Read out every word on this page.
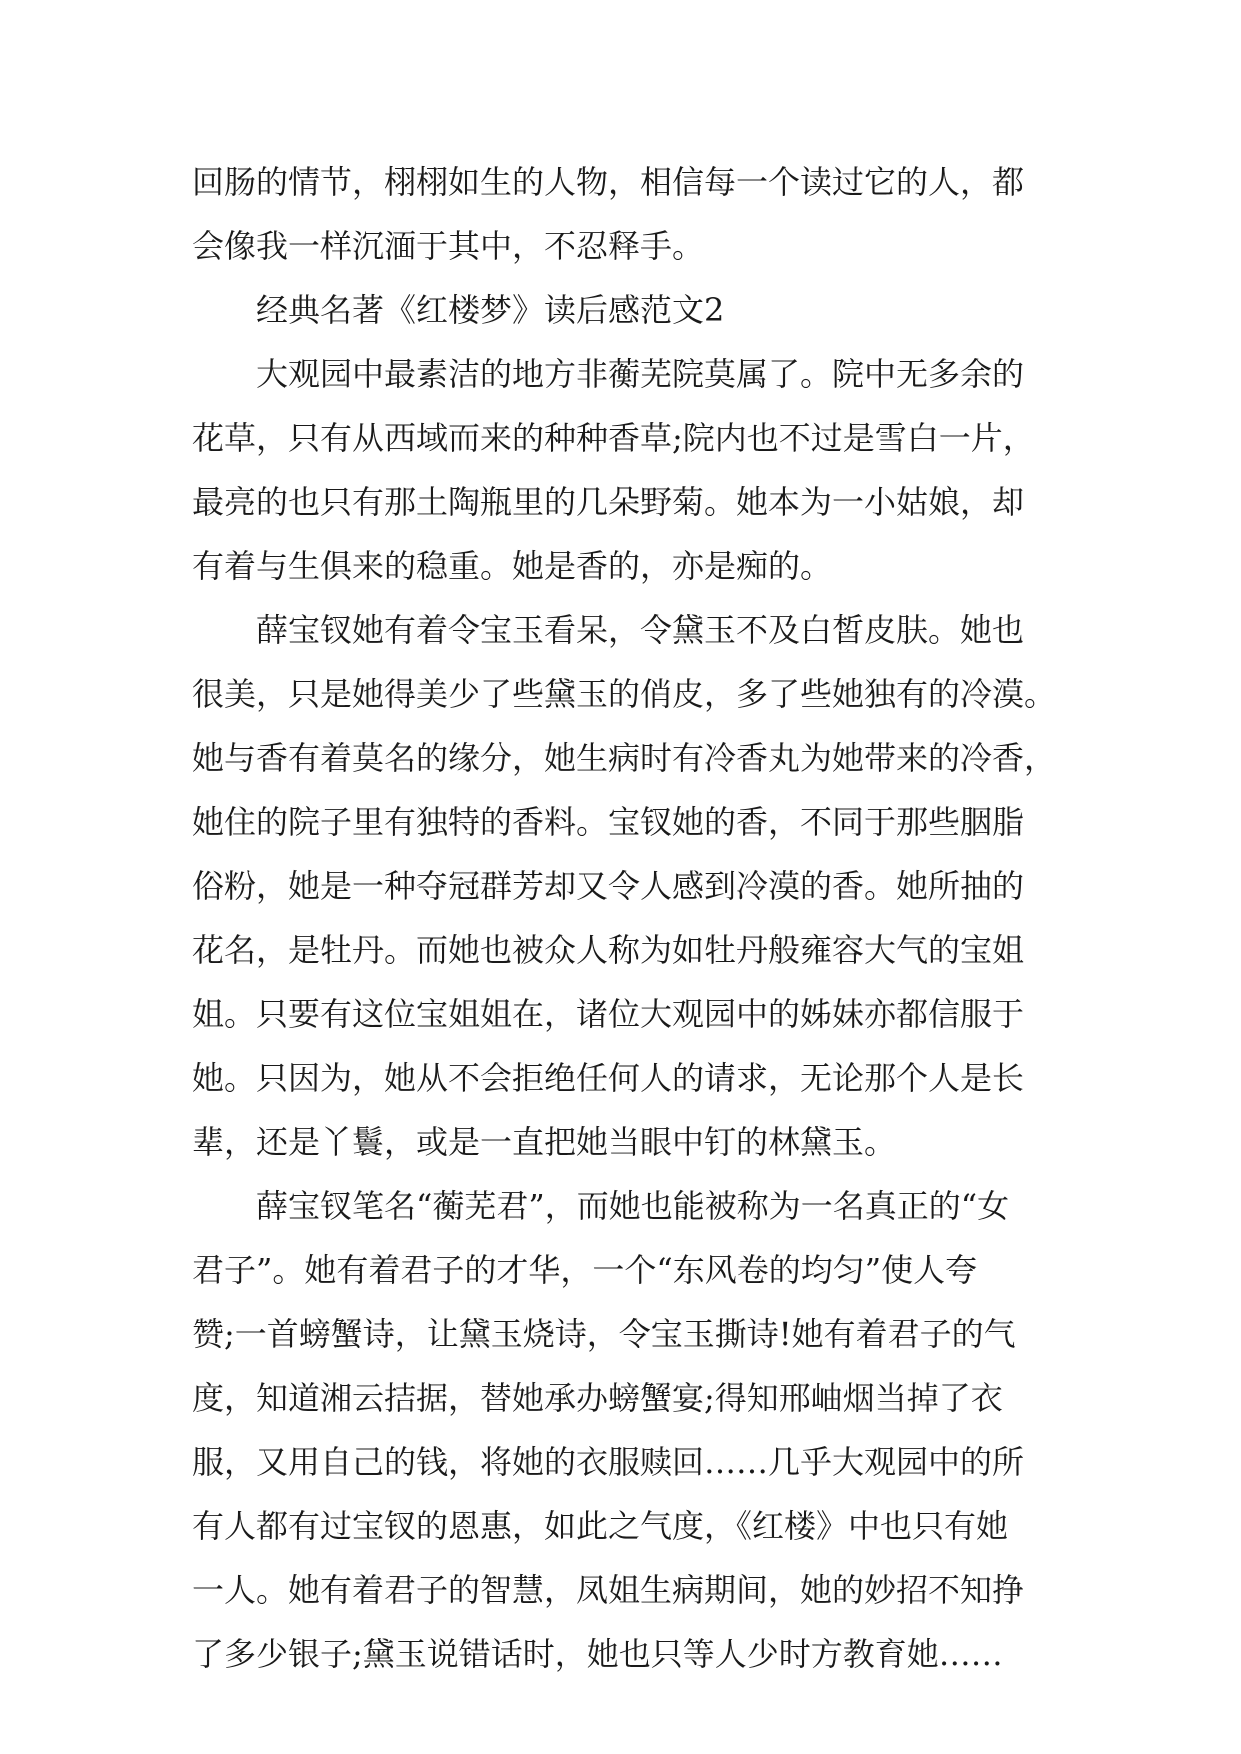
回肠的情节，栩栩如生的人物，相信每一个读过它的人，都
会像我一样沉湎于其中，不忍释手。
经典名著《红楼梦》读后感范文2
大观园中最素洁的地方非蘅芜院莫属了。院中无多余的
花草，只有从西域而来的种种香草;院内也不过是雪白一片，
最亮的也只有那土陶瓶里的几朵野菊。她本为一小姑娘，却
有着与生俱来的稳重。她是香的，亦是痴的。
薛宝钗她有着令宝玉看呆，令黛玉不及白皙皮肤。她也
很美，只是她得美少了些黛玉的俏皮，多了些她独有的冷漠。
她与香有着莫名的缘分，她生病时有冷香丸为她带来的冷香，
她住的院子里有独特的香料。宝钗她的香，不同于那些胭脂
俗粉，她是一种夺冠群芳却又令人感到冷漠的香。她所抽的
花名，是牡丹。而她也被众人称为如牡丹般雍容大气的宝姐
姐。只要有这位宝姐姐在，诸位大观园中的姊妹亦都信服于
她。只因为，她从不会拒绝任何人的请求，无论那个人是长
辈，还是丫鬟，或是一直把她当眼中钉的林黛玉。
薛宝钗笔名“蘅芜君”，而她也能被称为一名真正的“女
君子”。她有着君子的才华，一个“东风卷的均匀”使人夸
赞;一首螃蟹诗，让黛玉烧诗，令宝玉撕诗!她有着君子的气
度，知道湘云拮据，替她承办螃蟹宴;得知邢岫烟当掉了衣
服，又用自己的钱，将她的衣服赎回……几乎大观园中的所
有人都有过宝钗的恩惠，如此之气度，《红楼》中也只有她
一人。她有着君子的智慧，凤姐生病期间，她的妙招不知挣
了多少银子;黛玉说错话时，她也只等人少时方教育她……
